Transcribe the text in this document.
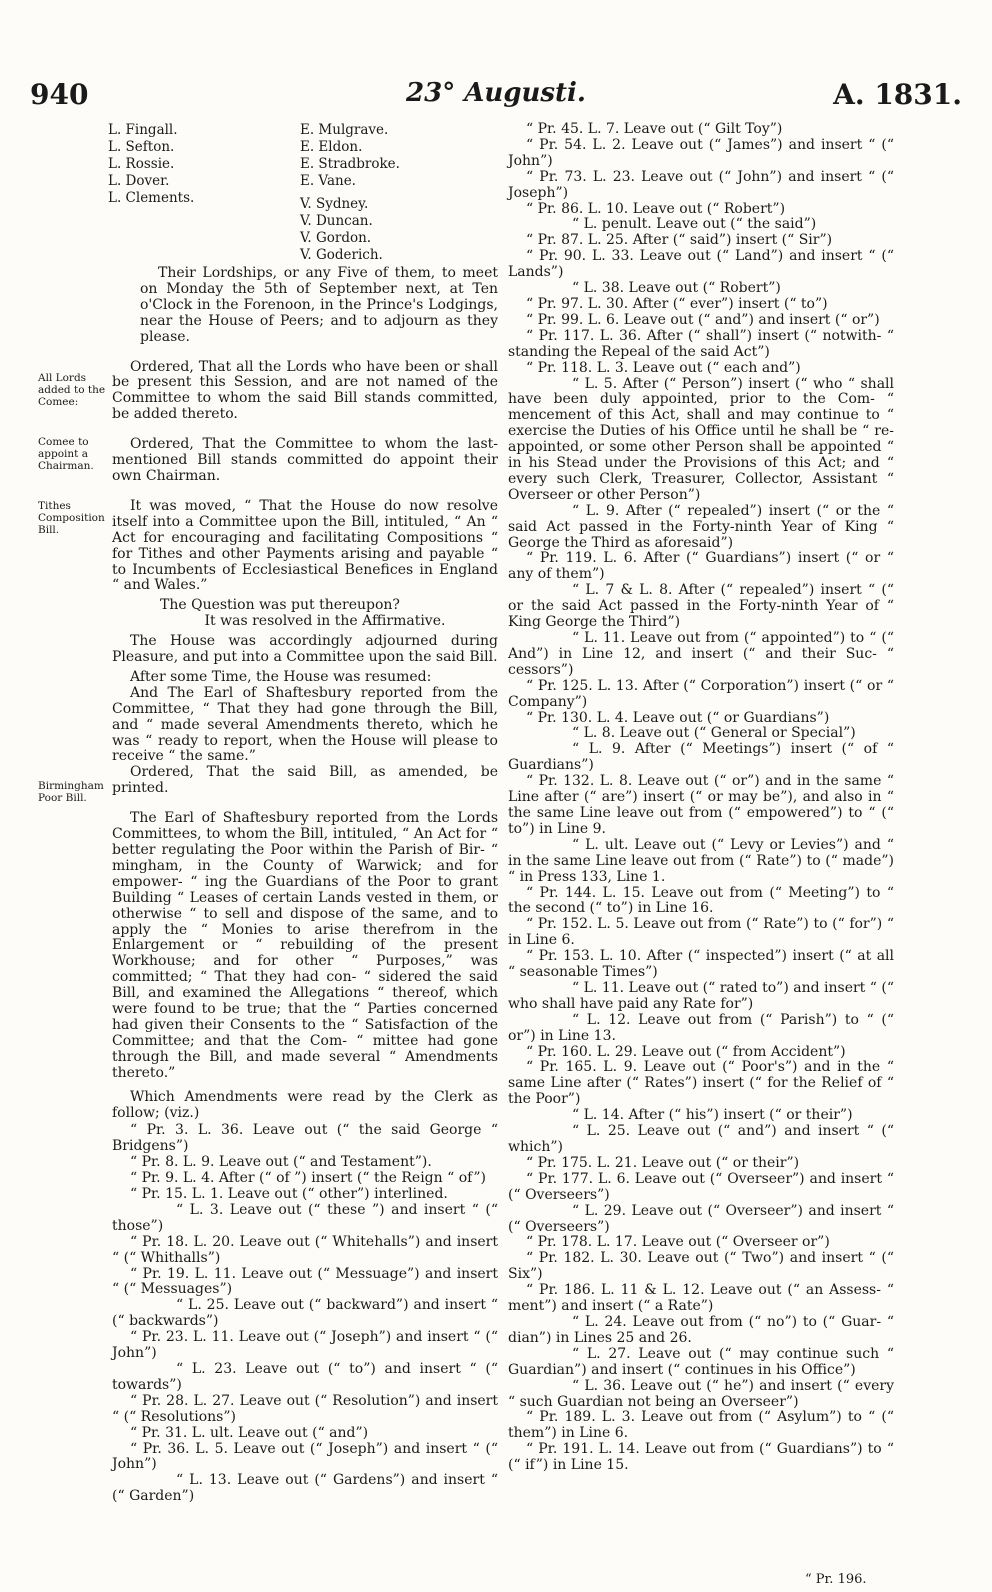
940	23° Augusti.	A. 1831.
L. Fingall.
L. Sefton.
L. Rossie.
L. Dover.
L. Clements.
E. Mulgrave.
E. Eldon.
E. Stradbroke.
E. Vane.
V. Sydney.
V. Duncan.
V. Gordon.
V. Goderich.
All Lords added to the Comee:
Comee to appoint a Chairman.
Tithes Composition Bill.
Birmingham Poor Bill.

Their Lordships, or any Five of them, to meet on Monday the 5th of September next, at Ten o'Clock in the Forenoon, in the Prince's Lodgings, near the House of Peers; and to adjourn as they please.

Ordered, That all the Lords who have been or shall be present this Session, and are not named of the Committee to whom the said Bill stands committed, be added thereto.

Ordered, That the Committee to whom the last-mentioned Bill stands committed do appoint their own Chairman.

It was moved, “ That the House do now resolve itself into a Committee upon the Bill, intituled, “ An “ Act for encouraging and facilitating Compositions “ for Tithes and other Payments arising and payable “ to Incumbents of Ecclesiastical Benefices in England “ and Wales.”

The Question was put thereupon?

It was resolved in the Affirmative.

The House was accordingly adjourned during Pleasure, and put into a Committee upon the said Bill.

After some Time, the House was resumed:

And The Earl of Shaftesbury reported from the Committee, “ That they had gone through the Bill, and “ made several Amendments thereto, which he was “ ready to report, when the House will please to receive “ the same.”

Ordered, That the said Bill, as amended, be printed.

The Earl of Shaftesbury reported from the Lords Committees, to whom the Bill, intituled, “ An Act for “ better regulating the Poor within the Parish of Bir- “ mingham, in the County of Warwick; and for empower- “ ing the Guardians of the Poor to grant Building “ Leases of certain Lands vested in them, or otherwise “ to sell and dispose of the same, and to apply the “ Monies to arise therefrom in the Enlargement or “ rebuilding of the present Workhouse; and for other “ Purposes,” was committed; “ That they had con- “ sidered the said Bill, and examined the Allegations “ thereof, which were found to be true; that the “ Parties concerned had given their Consents to the “ Satisfaction of the Committee; and that the Com- “ mittee had gone through the Bill, and made several “ Amendments thereto.”

Which Amendments were read by the Clerk as follow; (viz.)

“ Pr. 3. L. 36. Leave out (“ the said George “ Bridgens”)

“ Pr. 8. L. 9. Leave out (“ and Testament”).

“ Pr. 9. L. 4. After (“ of ”) insert (“ the Reign “ of”)

“ Pr. 15. L. 1. Leave out (“ other”) interlined.

“ L. 3. Leave out (“ these ”) and insert “ (“ those”)

“ Pr. 18. L. 20. Leave out (“ Whitehalls”) and insert “ (“ Whithalls”)

“ Pr. 19. L. 11. Leave out (“ Messuage”) and insert “ (“ Messuages”)

“ L. 25. Leave out (“ backward”) and insert “ (“ backwards”)

“ Pr. 23. L. 11. Leave out (“ Joseph”) and insert “ (“ John”)

“ L. 23. Leave out (“ to”) and insert “ (“ towards”)

“ Pr. 28. L. 27. Leave out (“ Resolution”) and insert “ (“ Resolutions”)

“ Pr. 31. L. ult. Leave out (“ and”)

“ Pr. 36. L. 5. Leave out (“ Joseph”) and insert “ (“ John”)

“ L. 13. Leave out (“ Gardens”) and insert “ (“ Garden”)

“ Pr. 45. L. 7. Leave out (“ Gilt Toy”)

“ Pr. 54. L. 2. Leave out (“ James”) and insert “ (“ John”)

“ Pr. 73. L. 23. Leave out (“ John”) and insert “ (“ Joseph”)

“ Pr. 86. L. 10. Leave out (“ Robert”)

“ L. penult. Leave out (“ the said”)

“ Pr. 87. L. 25. After (“ said”) insert (“ Sir”)

“ Pr. 90. L. 33. Leave out (“ Land”) and insert “ (“ Lands”)

“ L. 38. Leave out (“ Robert”)

“ Pr. 97. L. 30. After (“ ever”) insert (“ to”)

“ Pr. 99. L. 6. Leave out (“ and”) and insert (“ or”)

“ Pr. 117. L. 36. After (“ shall”) insert (“ notwith- “ standing the Repeal of the said Act”)

“ Pr. 118. L. 3. Leave out (“ each and”)

“ L. 5. After (“ Person”) insert (“ who “ shall have been duly appointed, prior to the Com- “ mencement of this Act, shall and may continue to “ exercise the Duties of his Office until he shall be “ re-appointed, or some other Person shall be appointed “ in his Stead under the Provisions of this Act; and “ every such Clerk, Treasurer, Collector, Assistant “ Overseer or other Person”)

“ L. 9. After (“ repealed”) insert (“ or the “ said Act passed in the Forty-ninth Year of King “ George the Third as aforesaid”)

“ Pr. 119. L. 6. After (“ Guardians”) insert (“ or “ any of them”)

“ L. 7 & L. 8. After (“ repealed”) insert “ (“ or the said Act passed in the Forty-ninth Year of “ King George the Third”)

“ L. 11. Leave out from (“ appointed”) to “ (“ And”) in Line 12, and insert (“ and their Suc- “ cessors”)

“ Pr. 125. L. 13. After (“ Corporation”) insert (“ or “ Company”)

“ Pr. 130. L. 4. Leave out (“ or Guardians”)

“ L. 8. Leave out (“ General or Special”)

“ L. 9. After (“ Meetings”) insert (“ of “ Guardians”)

“ Pr. 132. L. 8. Leave out (“ or”) and in the same “ Line after (“ are”) insert (“ or may be”), and also in “ the same Line leave out from (“ empowered”) to “ (“ to”) in Line 9.

“ L. ult. Leave out (“ Levy or Levies”) and “ in the same Line leave out from (“ Rate”) to (“ made”) “ in Press 133, Line 1.

“ Pr. 144. L. 15. Leave out from (“ Meeting”) to “ the second (“ to”) in Line 16.

“ Pr. 152. L. 5. Leave out from (“ Rate”) to (“ for”) “ in Line 6.

“ Pr. 153. L. 10. After (“ inspected”) insert (“ at all “ seasonable Times”)

“ L. 11. Leave out (“ rated to”) and insert “ (“ who shall have paid any Rate for”)

“ L. 12. Leave out from (“ Parish”) to “ (“ or”) in Line 13.

“ Pr. 160. L. 29. Leave out (“ from Accident”)

“ Pr. 165. L. 9. Leave out (“ Poor's”) and in the “ same Line after (“ Rates”) insert (“ for the Relief of “ the Poor”)

“ L. 14. After (“ his”) insert (“ or their”)

“ L. 25. Leave out (“ and”) and insert “ (“ which”)

“ Pr. 175. L. 21. Leave out (“ or their”)

“ Pr. 177. L. 6. Leave out (“ Overseer”) and insert “ (“ Overseers”)

“ L. 29. Leave out (“ Overseer”) and insert “ (“ Overseers”)

“ Pr. 178. L. 17. Leave out (“ Overseer or”)

“ Pr. 182. L. 30. Leave out (“ Two”) and insert “ (“ Six”)

“ Pr. 186. L. 11 & L. 12. Leave out (“ an Assess- “ ment”) and insert (“ a Rate”)

“ L. 24. Leave out from (“ no”) to (“ Guar- “ dian”) in Lines 25 and 26.

“ L. 27. Leave out (“ may continue such “ Guardian”) and insert (“ continues in his Office”)

“ L. 36. Leave out (“ he”) and insert (“ every “ such Guardian not being an Overseer”)

“ Pr. 189. L. 3. Leave out from (“ Asylum”) to “ (“ them”) in Line 6.

“ Pr. 191. L. 14. Leave out from (“ Guardians”) to “ (“ if”) in Line 15.

“ Pr. 196.
